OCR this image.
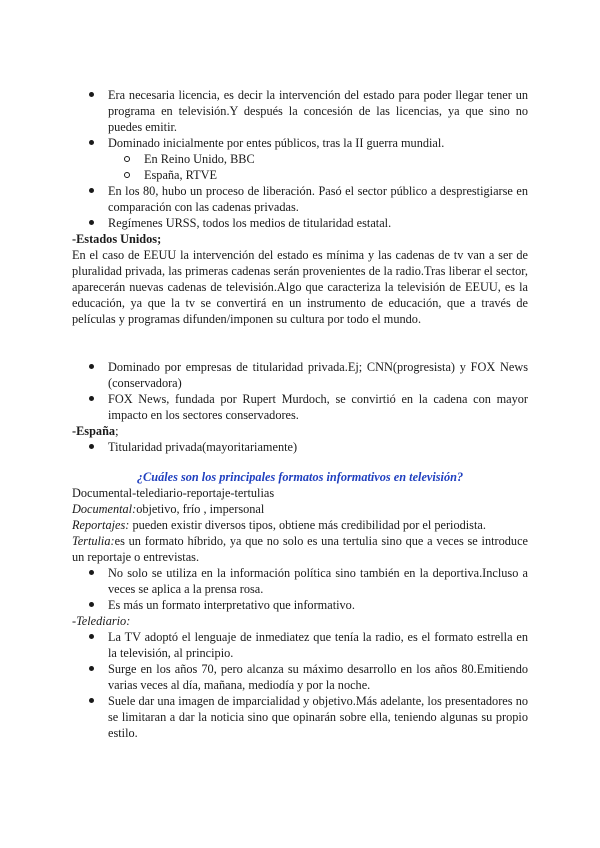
Era necesaria licencia, es decir la intervención del estado para poder llegar tener un programa en televisión.Y después la concesión de las licencias, ya que sino no puedes emitir.
Dominado inicialmente por entes públicos, tras la II guerra mundial.
En Reino Unido, BBC
España, RTVE
En los 80, hubo un proceso de liberación. Pasó el sector público a desprestigiarse en comparación con las cadenas privadas.
Regímenes URSS, todos los medios de titularidad estatal.

-Estados Unidos;

En el caso de EEUU la intervención del estado es mínima y las cadenas de tv van a ser de pluralidad privada, las primeras cadenas serán provenientes de la radio.Tras liberar el sector, aparecerán nuevas cadenas de televisión.Algo que caracteriza la televisión de EEUU, es la educación, ya que la tv se convertirá en un instrumento de educación, que a través de películas y programas difunden/imponen su cultura por todo el mundo.

Dominado por empresas de titularidad privada.Ej; CNN(progresista) y FOX News (conservadora)
FOX News, fundada por Rupert Murdoch, se convirtió en la cadena con mayor impacto en los sectores conservadores.

-España;

Titularidad privada(mayoritariamente)

¿Cuáles son los principales formatos informativos en televisión?

Documental-telediario-reportaje-tertulias

Documental:objetivo, frío , impersonal

Reportajes: pueden existir diversos tipos, obtiene más credibilidad por el periodista.

Tertulia:es un formato híbrido, ya que no solo es una tertulia sino que a veces se introduce un reportaje o entrevistas.

No solo se utiliza en la información política sino también en la deportiva.Incluso a veces se aplica a la prensa rosa.
Es más un formato interpretativo que informativo.

-Telediario:

La TV adoptó el lenguaje de inmediatez que tenía la radio, es el formato estrella en la televisión, al principio.
Surge en los años 70, pero alcanza su máximo desarrollo en los años 80.Emitiendo varias veces al día, mañana, mediodía y por la noche.
Suele dar una imagen de imparcialidad y objetivo.Más adelante, los presentadores no se limitaran a dar la noticia sino que opinarán sobre ella, teniendo algunas su propio estilo.
